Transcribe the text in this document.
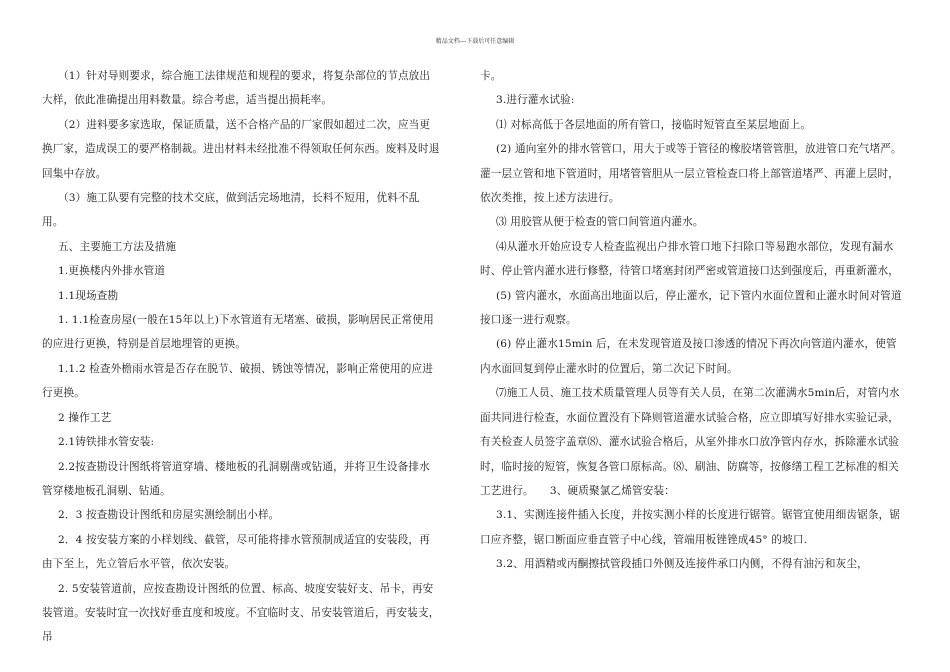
精品文档---下载后可任意编辑

（1）针对导则要求，综合施工法律规范和规程的要求，将复杂部位的节点放出大样，依此准确提出用料数量。综合考虑，适当提出损耗率。

（2）进料要多家选取，保证质量，送不合格产品的厂家假如超过二次，应当更换厂家，造成误工的要严格制裁。进出材料未经批准不得领取任何东西。废料及时退回集中存放。

（3）施工队要有完整的技术交底，做到活完场地清，长料不短用，优料不乱用。

五、主要施工方法及措施

1.更换楼内外排水管道

1.1现场查勘

1. 1.1检查房屋(一般在15年以上)下水管道有无堵塞、破损，影响居民正常使用的应进行更换，特别是首层地埋管的更换。

1.1.2 检查外檐雨水管是否存在脱节、破损、锈蚀等情况，影响正常使用的应进行更换。

2 操作工艺

2.1铸铁排水管安装:

2.2按查勘设计图纸将管道穿墙、楼地板的孔洞剔凿或钻通，并将卫生设备排水管穿楼地板孔洞剔、钻通。

2．3 按查勘设计图纸和房屋实测绘制出小样。

2．4 按安装方案的小样划线、截管，尽可能将排水管预制成适宜的安装段，再由下至上，先立管后水平管，依次安装。

2. 5安装管道前，应按查勘设计图纸的位置、标高、坡度安装好支、吊卡，再安装管道。安装时宜一次找好垂直度和坡度。不宜临时支、吊安装管道后，再安装支，吊

卡。

3.进行灌水试验:

⑴ 对标高低于各层地面的所有管口，接临时短管直至某层地面上。

(2) 通向室外的排水管管口，用大于或等于管径的橡胶堵管管胆，放进管口充气堵严。灌一层立管和地下管道时，用堵管管胆从一层立管检查口将上部管道堵严、再灌上层时，依次类推，按上述方法进行。

⑶ 用胶管从便于检查的管口间管道内灌水。

⑷从灌水开始应设专人检查监视出户排水管口地下扫除口等易跑水部位，发现有漏水时、停止管内灌水进行修整，待管口堵塞封闭严密或管道接口达到强度后，再重新灌水，

(5) 管内灌水，水面高出地面以后，停止灌水，记下管内水面位置和止灌水时间对管道接口逐一进行观察。

(6) 停止灌水15min 后，在未发现管道及接口渗透的情况下再次向管道内灌水，使管内水面回复到停止灌水时的位置后，第二次记下时间。

⑺施工人员、施工技术质量管理人员等有关人员，在第二次灌满水5min后，对管内水面共同进行检查，水面位置没有下降则管道灌水试验合格，应立即填写好排水实验记录，有关检查人员签字盖章⑻、灌水试验合格后，从室外排水口放净管内存水，拆除灌水试验时，临时接的短管，恢复各管口原标高。⑻、刷油、防腐等，按修缮工程工艺标准的相关工艺进行。　　3、硬质聚氯乙烯管安装：

3.1、实测连接件插入长度，并按实测小样的长度进行锯管。锯管宜使用细齿锯条，锯口应齐整，锯口断面应垂直管子中心线，管端用板锉锉成45° 的坡口.

3.2、用酒精或丙酮擦拭管段插口外侧及连接件承口内侧，不得有油污和灰尘，
